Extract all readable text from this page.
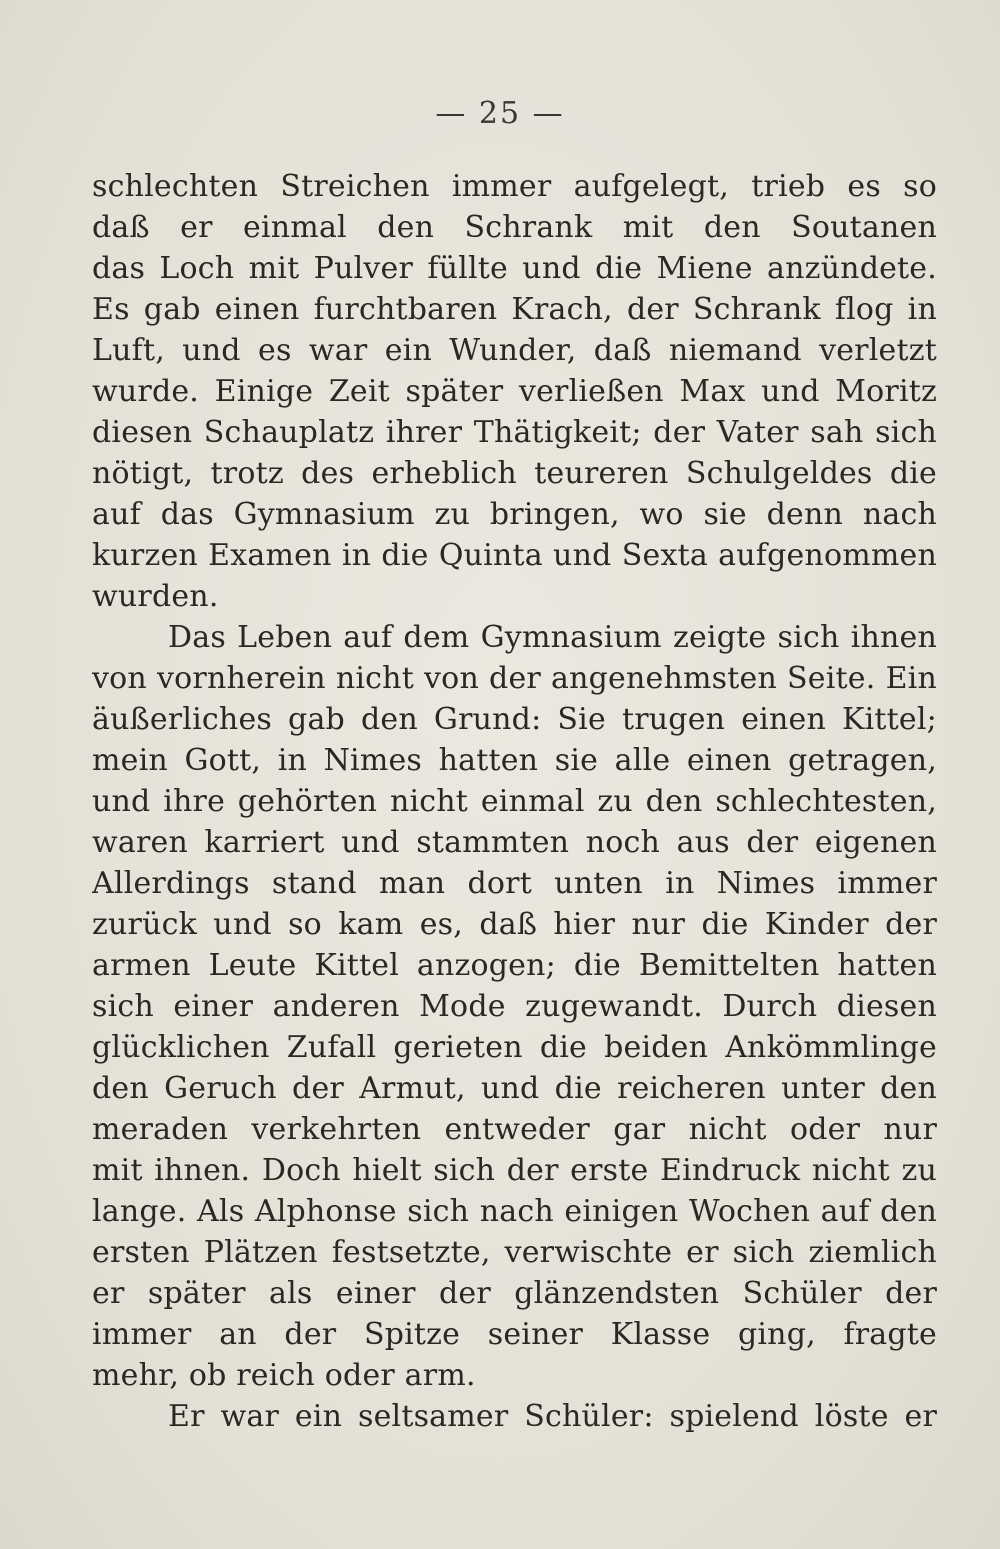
— 25 —
schlechten Streichen immer aufgelegt, trieb es so
daß er einmal den Schrank mit den Soutanen
das Loch mit Pulver füllte und die Miene anzündete.
Es gab einen furchtbaren Krach, der Schrank flog in
Luft, und es war ein Wunder, daß niemand verletzt
wurde. Einige Zeit später verließen Max und Moritz
diesen Schauplatz ihrer Thätigkeit; der Vater sah sich
nötigt, trotz des erheblich teureren Schulgeldes die
auf das Gymnasium zu bringen, wo sie denn nach
kurzen Examen in die Quinta und Sexta aufgenommen
wurden.
Das Leben auf dem Gymnasium zeigte sich ihnen
von vornherein nicht von der angenehmsten Seite. Ein
äußerliches gab den Grund: Sie trugen einen Kittel;
mein Gott, in Nimes hatten sie alle einen getragen,
und ihre gehörten nicht einmal zu den schlechtesten,
waren karriert und stammten noch aus der eigenen
Allerdings stand man dort unten in Nimes immer
zurück und so kam es, daß hier nur die Kinder der
armen Leute Kittel anzogen; die Bemittelten hatten
sich einer anderen Mode zugewandt. Durch diesen
glücklichen Zufall gerieten die beiden Ankömmlinge
den Geruch der Armut, und die reicheren unter den
meraden verkehrten entweder gar nicht oder nur
mit ihnen. Doch hielt sich der erste Eindruck nicht zu
lange. Als Alphonse sich nach einigen Wochen auf den
ersten Plätzen festsetzte, verwischte er sich ziemlich
er später als einer der glänzendsten Schüler der
immer an der Spitze seiner Klasse ging, fragte
mehr, ob reich oder arm.
Er war ein seltsamer Schüler: spielend löste er
